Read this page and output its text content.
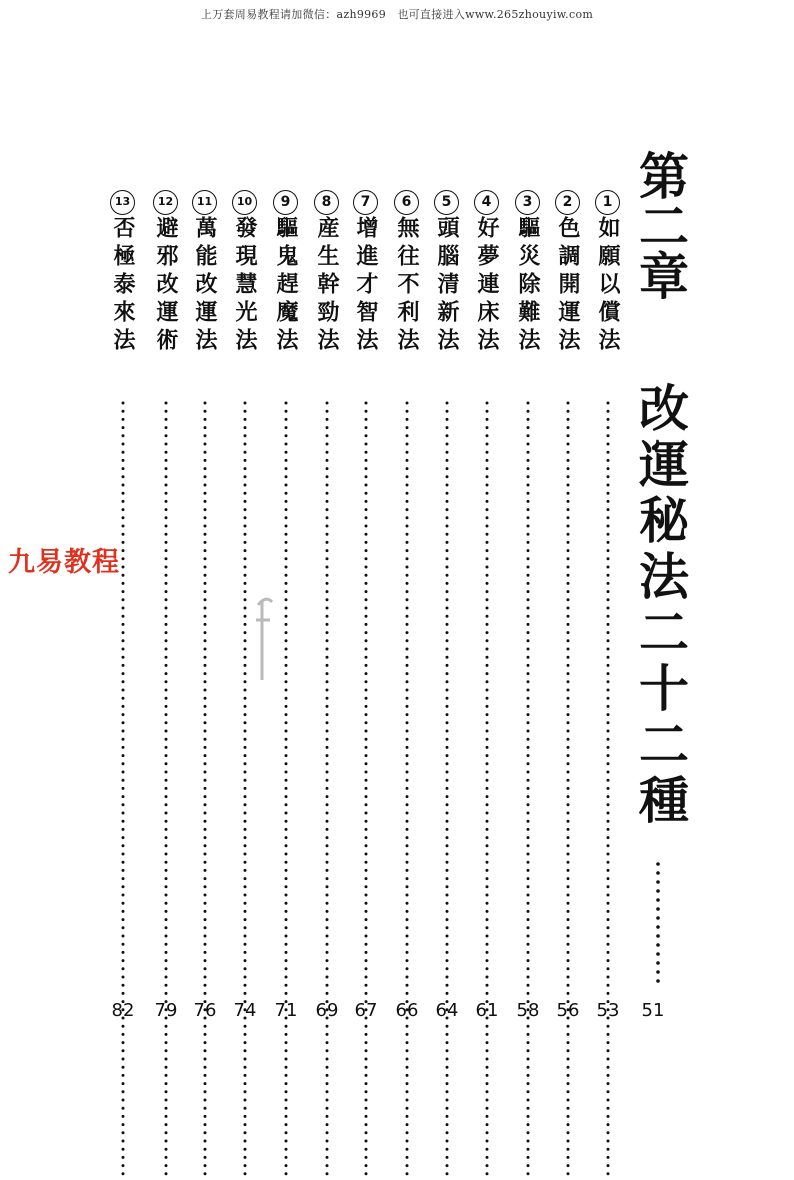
上万套周易教程请加微信：azh9969　也可直接进入www.265zhouyiw.com
第二章
改運秘法二十二種
51
1
如願以償法
53
2
色調開運法
56
3
驅災除難法
58
4
好夢連床法
61
5
頭腦清新法
64
6
無往不利法
66
7
增進才智法
67
8
産生幹勁法
69
9
驅鬼趕魔法
71
10
發現慧光法
74
11
萬能改運法
76
12
避邪改運術
79
13
否極泰來法
82
九易教程
